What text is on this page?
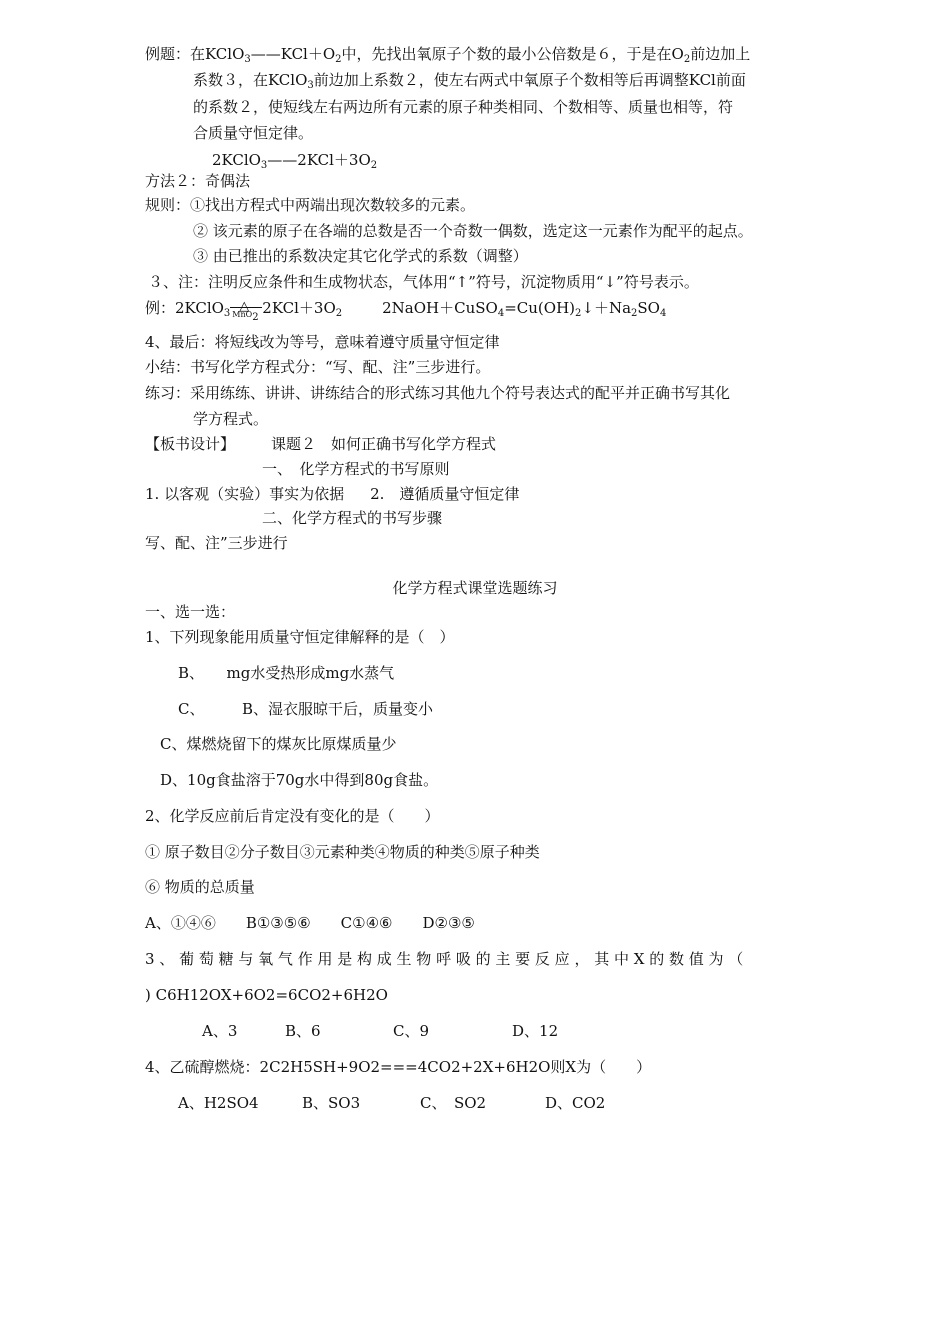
例题：在$KClO_3——KCl+O_2$中，先找出氧原子个数的最小公倍数是６，于是在$O_2$前边加上
系数３，在KClO$_3$前边加上系数２，使左右两式中氧原子个数相等后再调整KCl前面
的系数２，使短线左右两边所有元素的原子种类相同、个数相等、质量也相等，符
合质量守恒定律。
$2KClO_3——2KCl+3O_2$
方法２：奇偶法
规则：①找出方程式中两端出现次数较多的元素。
② 该元素的原子在各端的总数是否一个奇数一偶数，选定这一元素作为配平的起点。
③ 由已推出的系数决定其它化学式的系数（调整）
３、注：注明反应条件和生成物状态，气体用“↑”符号，沉淀物质用“↓”符号表示。
例：2KClO$_3$ △
MnO$_2$
$2KCl+3O_2$	$2NaOH+CuSO_4=Cu(OH)_2↓+Na_2SO_4$
4、最后：将短线改为等号，意味着遵守质量守恒定律
小结：书写化学方程式分：“写、配、注”三步进行。
练习：采用练练、讲讲、讲练结合的形式练习其他九个符号表达式的配平并正确书写其化
学方程式。
【板书设计】 课题２　如何正确书写化学方程式
一、　化学方程式的书写原则
1. 以客观（实验）事实为依据 2.　遵循质量守恒定律
二、化学方程式的书写步骤
写、配、注”三步进行
化学方程式课堂选题练习
一、选一选：
1、下列现象能用质量守恒定律解释的是（　）
B、　　mg水受热形成mg水蒸气
C、　　　B、湿衣服晾干后，质量变小
C、煤燃烧留下的煤灰比原煤质量少
D、10g食盐溶于70g水中得到80g食盐。
2、化学反应前后肯定没有变化的是（　　）
① 原子数目②分子数目③元素种类④物质的种类⑤原子种类
⑥ 物质的总质量
A、①④⑥　　B①③⑤⑥　　C①④⑥　　D②③⑤
3 、 葡 萄 糖 与 氧 气 作 用 是 构 成 生 物 呼 吸 的 主 要 反 应 ， 其 中 X 的 数 值 为 （
) C6H12OX+6O2=6CO2+6H2O
A、3	B、6	C、9	D、12
4、乙硫醇燃烧：2C2H5SH+9O2===4CO2+2X+6H2O则X为（　　）
A、H2SO4	B、SO3	C、　SO2	D、CO2
